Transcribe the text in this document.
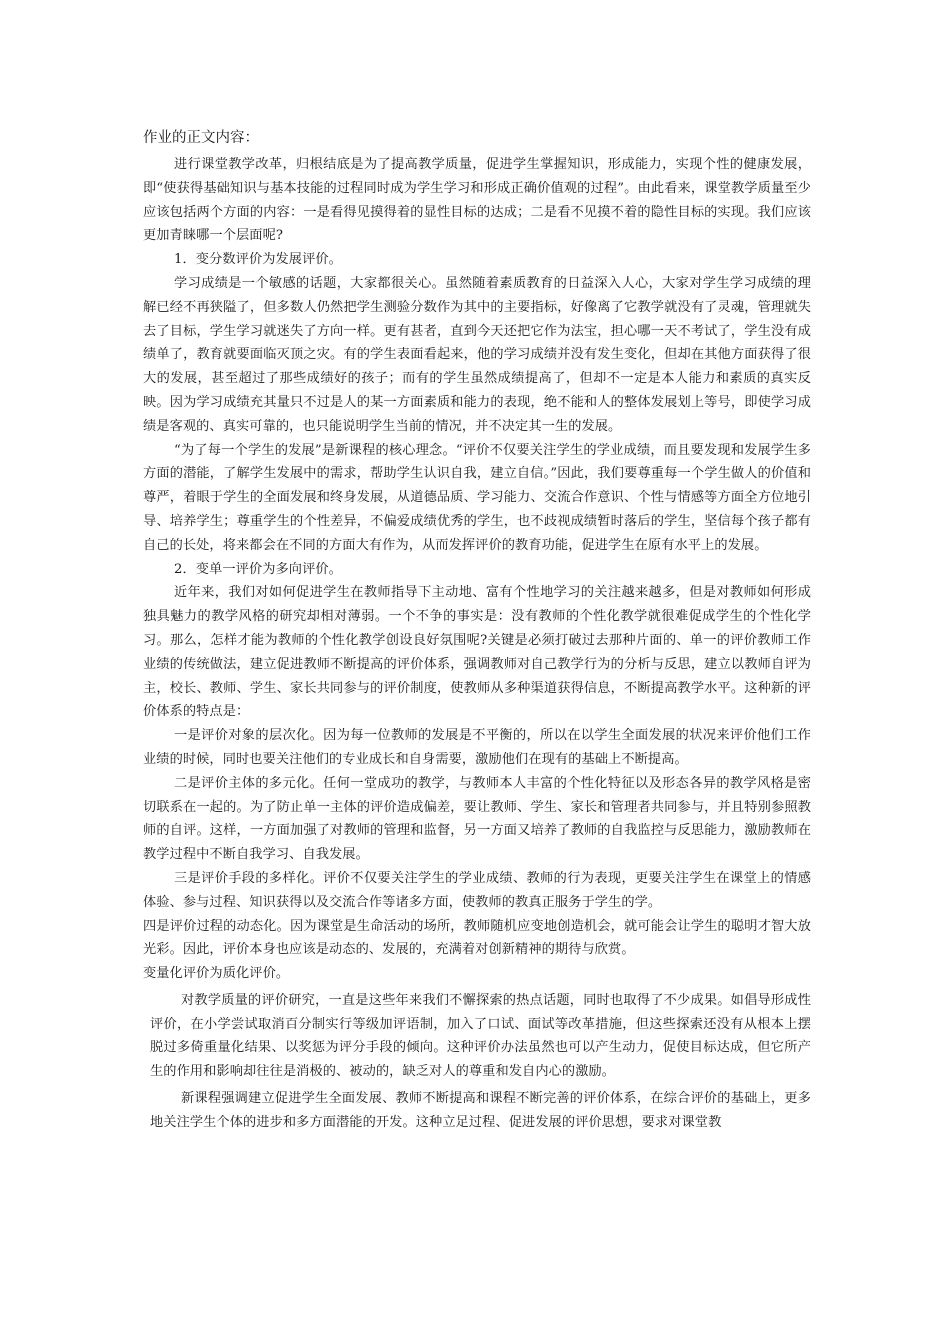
作业的正文内容：

进行课堂教学改革，归根结底是为了提高教学质量，促进学生掌握知识，形成能力，实现个性的健康发展，即“使获得基础知识与基本技能的过程同时成为学生学习和形成正确价值观的过程”。由此看来，课堂教学质量至少应该包括两个方面的内容：一是看得见摸得着的显性目标的达成；二是看不见摸不着的隐性目标的实现。我们应该更加青睐哪一个层面呢?

1．变分数评价为发展评价。

学习成绩是一个敏感的话题，大家都很关心。虽然随着素质教育的日益深入人心，大家对学生学习成绩的理解已经不再狭隘了，但多数人仍然把学生测验分数作为其中的主要指标，好像离了它教学就没有了灵魂，管理就失去了目标，学生学习就迷失了方向一样。更有甚者，直到今天还把它作为法宝，担心哪一天不考试了，学生没有成绩单了，教育就要面临灭顶之灾。有的学生表面看起来，他的学习成绩并没有发生变化，但却在其他方面获得了很大的发展，甚至超过了那些成绩好的孩子；而有的学生虽然成绩提高了，但却不一定是本人能力和素质的真实反映。因为学习成绩充其量只不过是人的某一方面素质和能力的表现，绝不能和人的整体发展划上等号，即使学习成绩是客观的、真实可靠的，也只能说明学生当前的情况，并不决定其一生的发展。

“为了每一个学生的发展”是新课程的核心理念。“评价不仅要关注学生的学业成绩，而且要发现和发展学生多方面的潜能，了解学生发展中的需求，帮助学生认识自我，建立自信。”因此，我们要尊重每一个学生做人的价值和尊严，着眼于学生的全面发展和终身发展，从道德品质、学习能力、交流合作意识、个性与情感等方面全方位地引导、培养学生；尊重学生的个性差异，不偏爱成绩优秀的学生，也不歧视成绩暂时落后的学生，坚信每个孩子都有自己的长处，将来都会在不同的方面大有作为，从而发挥评价的教育功能，促进学生在原有水平上的发展。

2．变单一评价为多向评价。

近年来，我们对如何促进学生在教师指导下主动地、富有个性地学习的关注越来越多，但是对教师如何形成独具魅力的教学风格的研究却相对薄弱。一个不争的事实是：没有教师的个性化教学就很难促成学生的个性化学习。那么，怎样才能为教师的个性化教学创设良好氛围呢?关键是必须打破过去那种片面的、单一的评价教师工作业绩的传统做法，建立促进教师不断提高的评价体系，强调教师对自己教学行为的分析与反思，建立以教师自评为主，校长、教师、学生、家长共同参与的评价制度，使教师从多种渠道获得信息，不断提高教学水平。这种新的评价体系的特点是：

一是评价对象的层次化。因为每一位教师的发展是不平衡的，所以在以学生全面发展的状况来评价他们工作业绩的时候，同时也要关注他们的专业成长和自身需要，激励他们在现有的基础上不断提高。

二是评价主体的多元化。任何一堂成功的教学，与教师本人丰富的个性化特征以及形态各异的教学风格是密切联系在一起的。为了防止单一主体的评价造成偏差，要让教师、学生、家长和管理者共同参与，并且特别参照教师的自评。这样，一方面加强了对教师的管理和监督，另一方面又培养了教师的自我监控与反思能力，激励教师在教学过程中不断自我学习、自我发展。

三是评价手段的多样化。评价不仅要关注学生的学业成绩、教师的行为表现，更要关注学生在课堂上的情感体验、参与过程、知识获得以及交流合作等诸多方面，使教师的教真正服务于学生的学。

四是评价过程的动态化。因为课堂是生命活动的场所，教师随机应变地创造机会，就可能会让学生的聪明才智大放光彩。因此，评价本身也应该是动态的、发展的，充满着对创新精神的期待与欣赏。

变量化评价为质化评价。

对教学质量的评价研究，一直是这些年来我们不懈探索的热点话题，同时也取得了不少成果。如倡导形成性评价，在小学尝试取消百分制实行等级加评语制，加入了口试、面试等改革措施，但这些探索还没有从根本上摆脱过多倚重量化结果、以奖惩为评分手段的倾向。这种评价办法虽然也可以产生动力，促使目标达成，但它所产生的作用和影响却往往是消极的、被动的，缺乏对人的尊重和发自内心的激励。

新课程强调建立促进学生全面发展、教师不断提高和课程不断完善的评价体系，在综合评价的基础上，更多地关注学生个体的进步和多方面潜能的开发。这种立足过程、促进发展的评价思想，要求对课堂教
